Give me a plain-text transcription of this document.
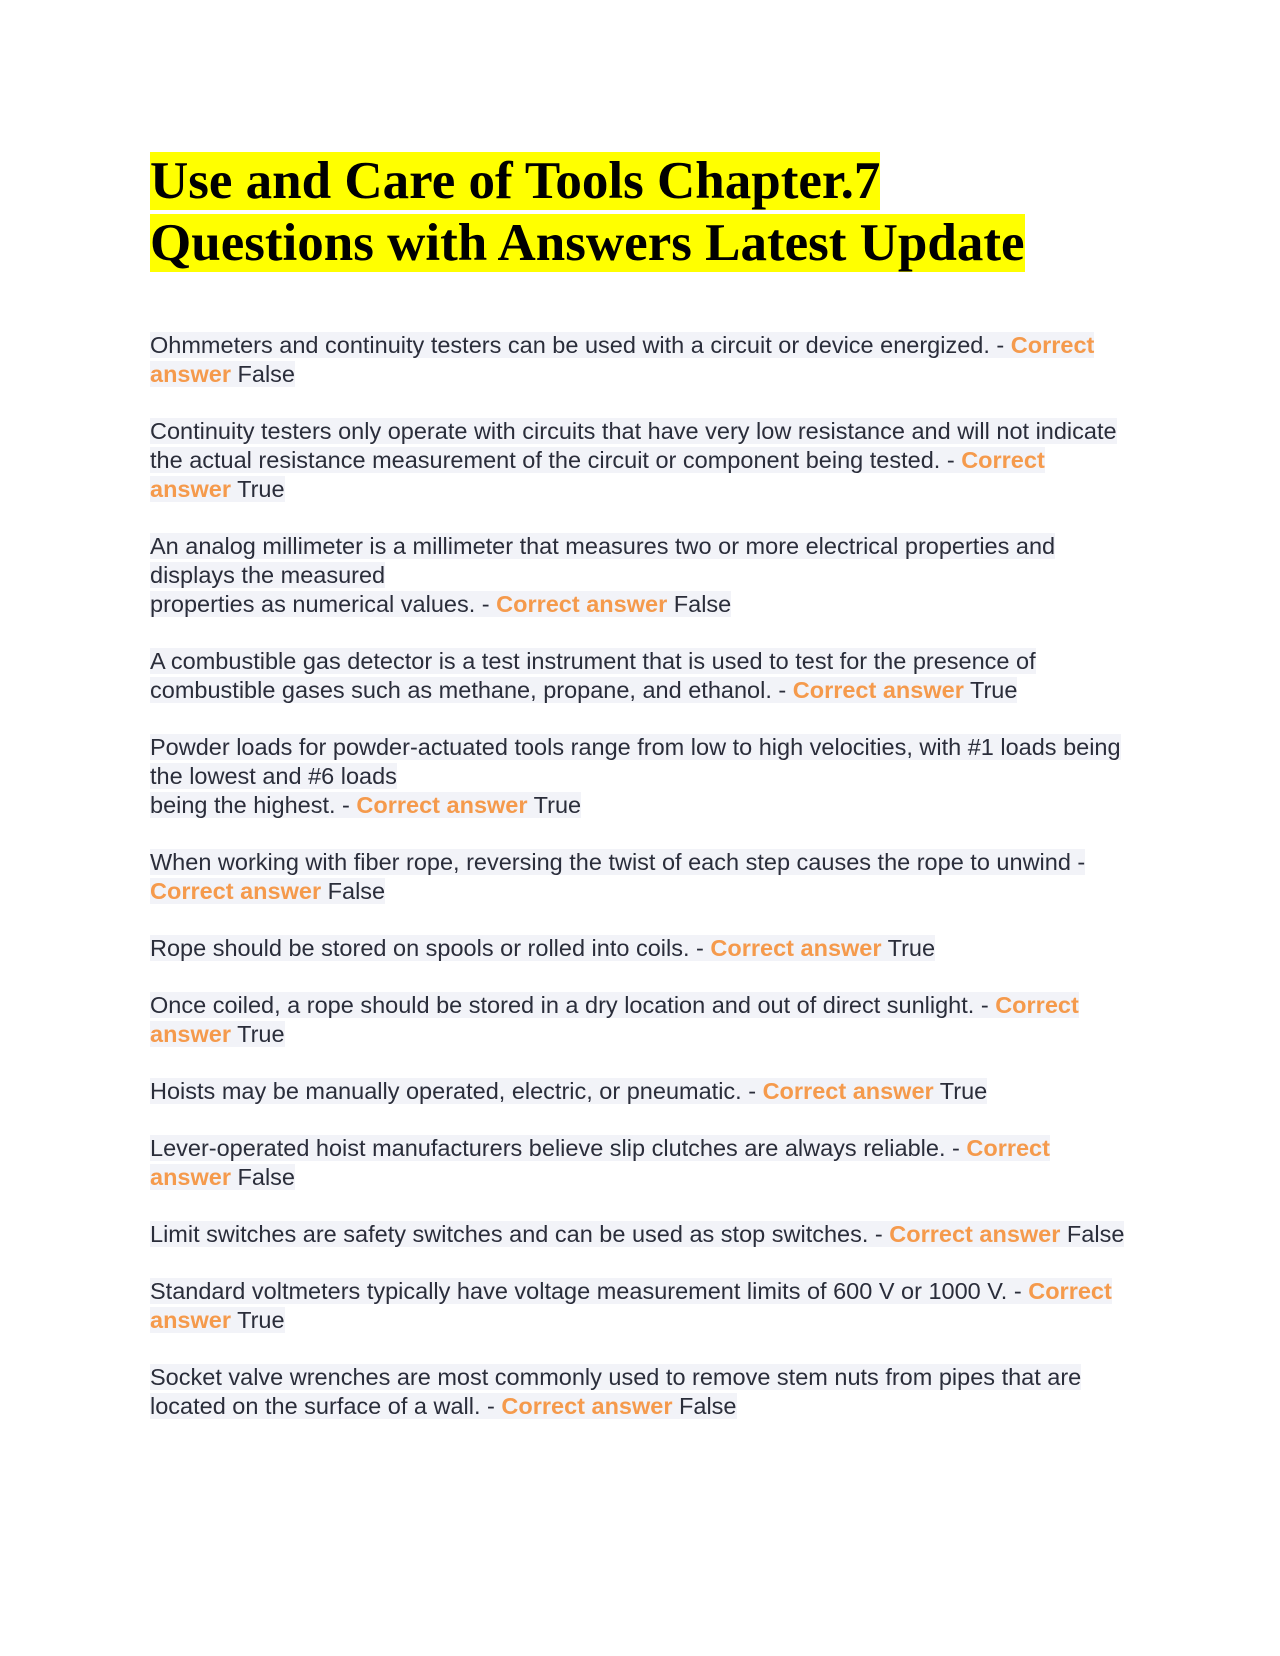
Use and Care of Tools Chapter.7
Questions with Answers Latest Update

Ohmmeters and continuity testers can be used with a circuit or device energized. - Correct answer False

Continuity testers only operate with circuits that have very low resistance and will not indicate the actual resistance measurement of the circuit or component being tested. - Correct answer True

An analog millimeter is a millimeter that measures two or more electrical properties and displays the measured
properties as numerical values. - Correct answer False

A combustible gas detector is a test instrument that is used to test for the presence of combustible gases such as methane, propane, and ethanol. - Correct answer True

Powder loads for powder-actuated tools range from low to high velocities, with #1 loads being the lowest and #6 loads
being the highest. - Correct answer True

When working with fiber rope, reversing the twist of each step causes the rope to unwind - Correct answer False

Rope should be stored on spools or rolled into coils. - Correct answer True

Once coiled, a rope should be stored in a dry location and out of direct sunlight. - Correct answer True

Hoists may be manually operated, electric, or pneumatic. - Correct answer True

Lever-operated hoist manufacturers believe slip clutches are always reliable. - Correct answer False

Limit switches are safety switches and can be used as stop switches. - Correct answer False

Standard voltmeters typically have voltage measurement limits of 600 V or 1000 V. - Correct answer True

Socket valve wrenches are most commonly used to remove stem nuts from pipes that are located on the surface of a wall. - Correct answer False
